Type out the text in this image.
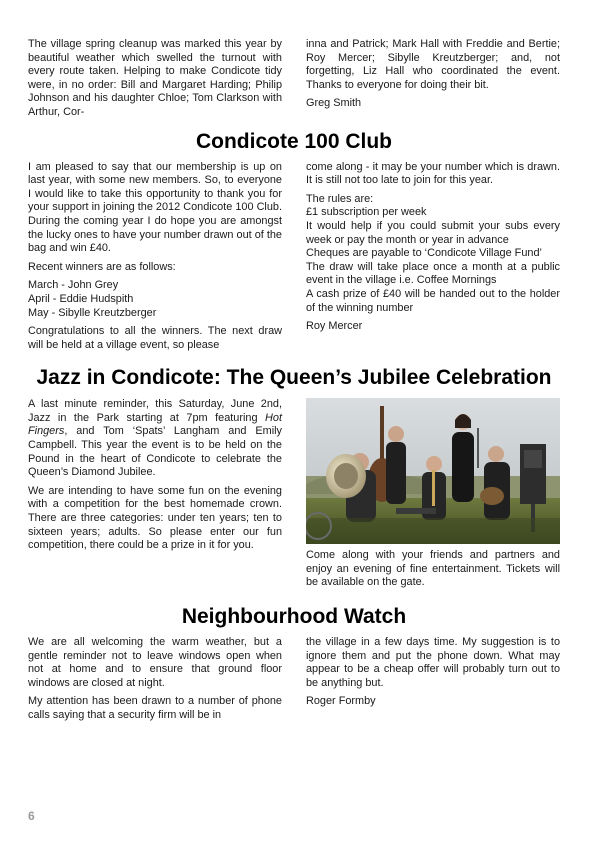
The village spring cleanup was marked this year by beautiful weather which swelled the turnout with every route taken. Helping to make Condicote tidy were, in no order: Bill and Margaret Harding; Philip Johnson and his daughter Chloe; Tom Clarkson with Arthur, Cor-

inna and Patrick; Mark Hall with Freddie and Bertie; Roy Mercer; Sibylle Kreutzberger; and, not forgetting, Liz Hall who coordinated the event. Thanks to everyone for doing their bit.

Greg Smith

Condicote 100 Club

I am pleased to say that our membership is up on last year, with some new members. So, to everyone I would like to take this opportunity to thank you for your support in joining the 2012 Condicote 100 Club. During the coming year I do hope you are amongst the lucky ones to have your number drawn out of the bag and win £40.

Recent winners are as follows:

March - John Grey

April - Eddie Hudspith

May - Sibylle Kreutzberger

Congratulations to all the winners. The next draw will be held at a village event, so please

come along - it may be your number which is drawn. It is still not too late to join for this year.

The rules are:

£1 subscription per week

It would help if you could submit your subs every week or pay the month or year in advance

Cheques are payable to ‘Condicote Village Fund’

The draw will take place once a month at a public event in the village i.e. Coffee Mornings

A cash prize of £40 will be handed out to the holder of the winning number

Roy Mercer

Jazz in Condicote: The Queen’s Jubilee Celebration

A last minute reminder, this Saturday, June 2nd, Jazz in the Park starting at 7pm featuring Hot Fingers, and Tom ‘Spats’ Langham and Emily Campbell. This year the event is to be held on the Pound in the heart of Condicote to celebrate the Queen’s Diamond Jubilee.

We are intending to have some fun on the evening with a competition for the best homemade crown. There are three categories: under ten years; ten to sixteen years; adults. So please enter our fun competition, there could be a prize in it for you.

Come along with your friends and partners and enjoy an evening of fine entertainment. Tickets will be available on the gate.

Neighbourhood Watch

We are all welcoming the warm weather, but a gentle reminder not to leave windows open when not at home and to ensure that ground floor windows are closed at night.

My attention has been drawn to a number of phone calls saying that a security firm will be in

the village in a few days time. My suggestion is to ignore them and put the phone down. What may appear to be a cheap offer will probably turn out to be anything but.

Roger Formby

6
